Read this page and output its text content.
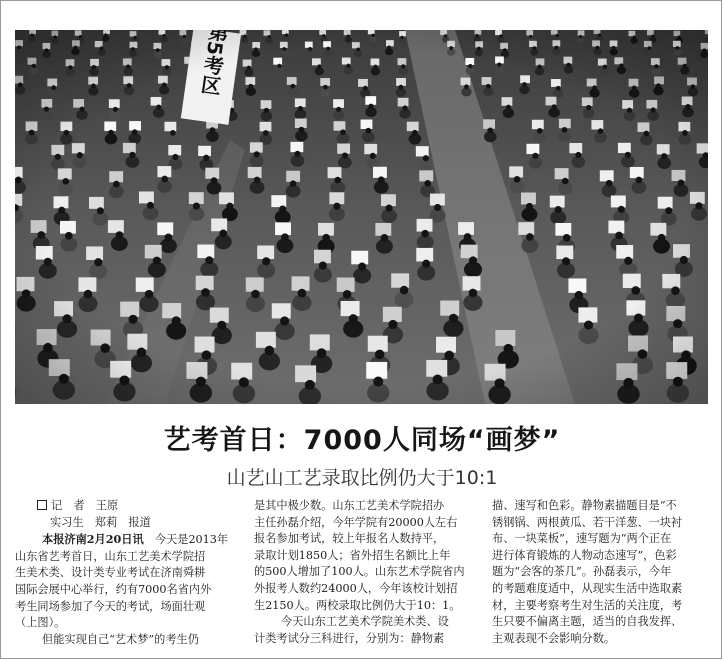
艺考首日：7000人同场“画梦”
山艺山工艺录取比例仍大于10:1
记　者　 王原
实习生　 郑莉　 报道
本报济南2月20日讯　 今天是2013年
山东省艺考首日，山东工艺美术学院招
生美术类、设计类专业考试在济南舜耕
国际会展中心举行，约有7000名省内外
考生同场参加了今天的考试，场面壮观
（上图）。
但能实现自己“艺术梦”的考生仍
是其中极少数。山东工艺美术学院招办
主任孙磊介绍，今年学院有20000人左右
报名参加考试，较上年报名人数持平，
录取计划1850人；省外招生名额比上年
的500人增加了100人。山东艺术学院省内
外报考人数约24000人，今年该校计划招
生2150人。两校录取比例仍大于10：1。
今天山东工艺美术学院美术类、设
计类考试分三科进行，分别为：静物素
描、速写和色彩。静物素描题目是“不
锈钢锅、两根黄瓜、若干洋葱、一块衬
布、一块菜板”，速写题为“两个正在
进行体育锻炼的人物动态速写”，色彩
题为“会客的茶几”。孙磊表示，今年
的考题难度适中，从现实生活中选取素
材，主要考察考生对生活的关注度，考
生只要不偏离主题，适当的自我发挥、
主观表现不会影响分数。
